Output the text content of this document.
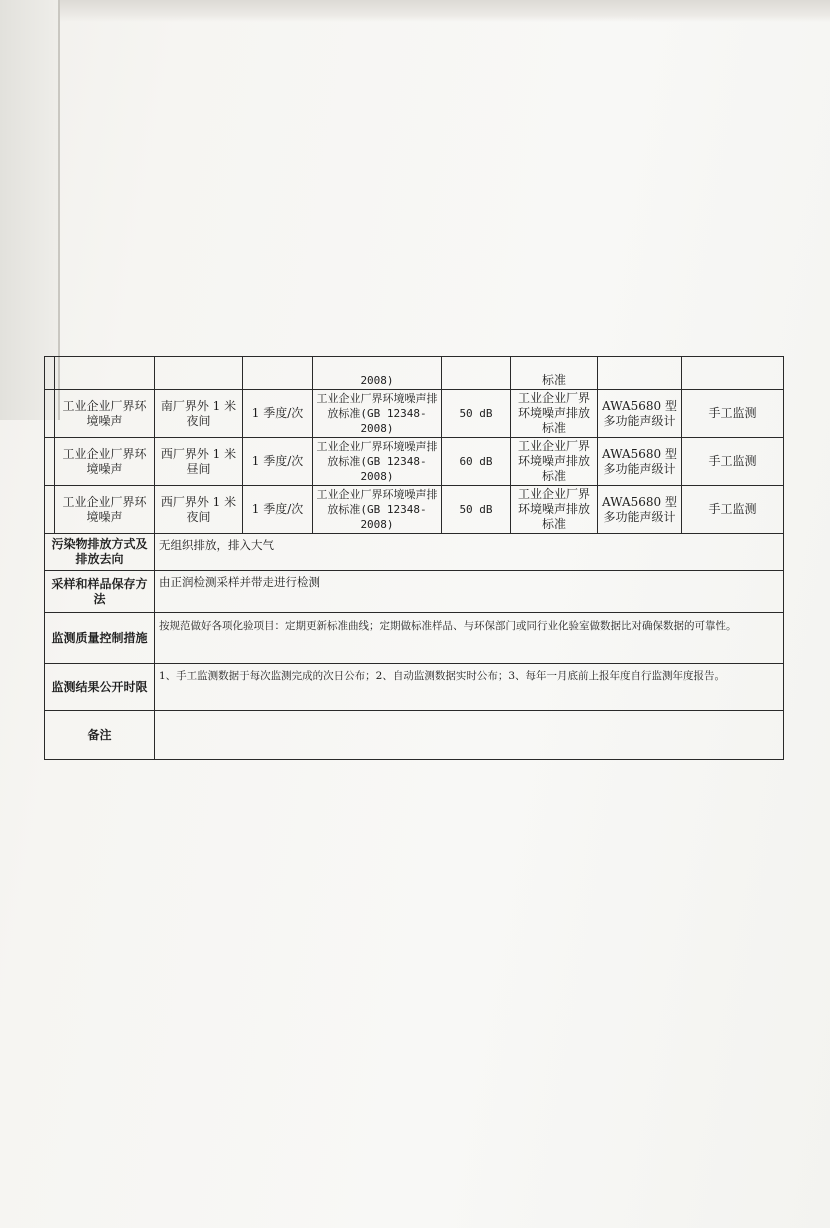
				2008)		标准		
	工业企业厂界环境噪声	南厂界外 1 米夜间	1 季度/次	工业企业厂界环境噪声排放标准(GB 12348-2008)	50 dB	工业企业厂界环境噪声排放标准	AWA5680 型多功能声级计	手工监测
	工业企业厂界环境噪声	西厂界外 1 米昼间	1 季度/次	工业企业厂界环境噪声排放标准(GB 12348-2008)	60 dB	工业企业厂界环境噪声排放标准	AWA5680 型多功能声级计	手工监测
	工业企业厂界环境噪声	西厂界外 1 米夜间	1 季度/次	工业企业厂界环境噪声排放标准(GB 12348-2008)	50 dB	工业企业厂界环境噪声排放标准	AWA5680 型多功能声级计	手工监测
污染物排放方式及排放去向		无组织排放，排入大气						
采样和样品保存方法		由正润检测采样并带走进行检测						
监测质量控制措施		按规范做好各项化验项目：定期更新标准曲线；定期做标准样品、与环保部门或同行业化验室做数据比对确保数据的可靠性。						
监测结果公开时限		1、手工监测数据于每次监测完成的次日公布；2、自动监测数据实时公布；3、每年一月底前上报年度自行监测年度报告。						
备注								
